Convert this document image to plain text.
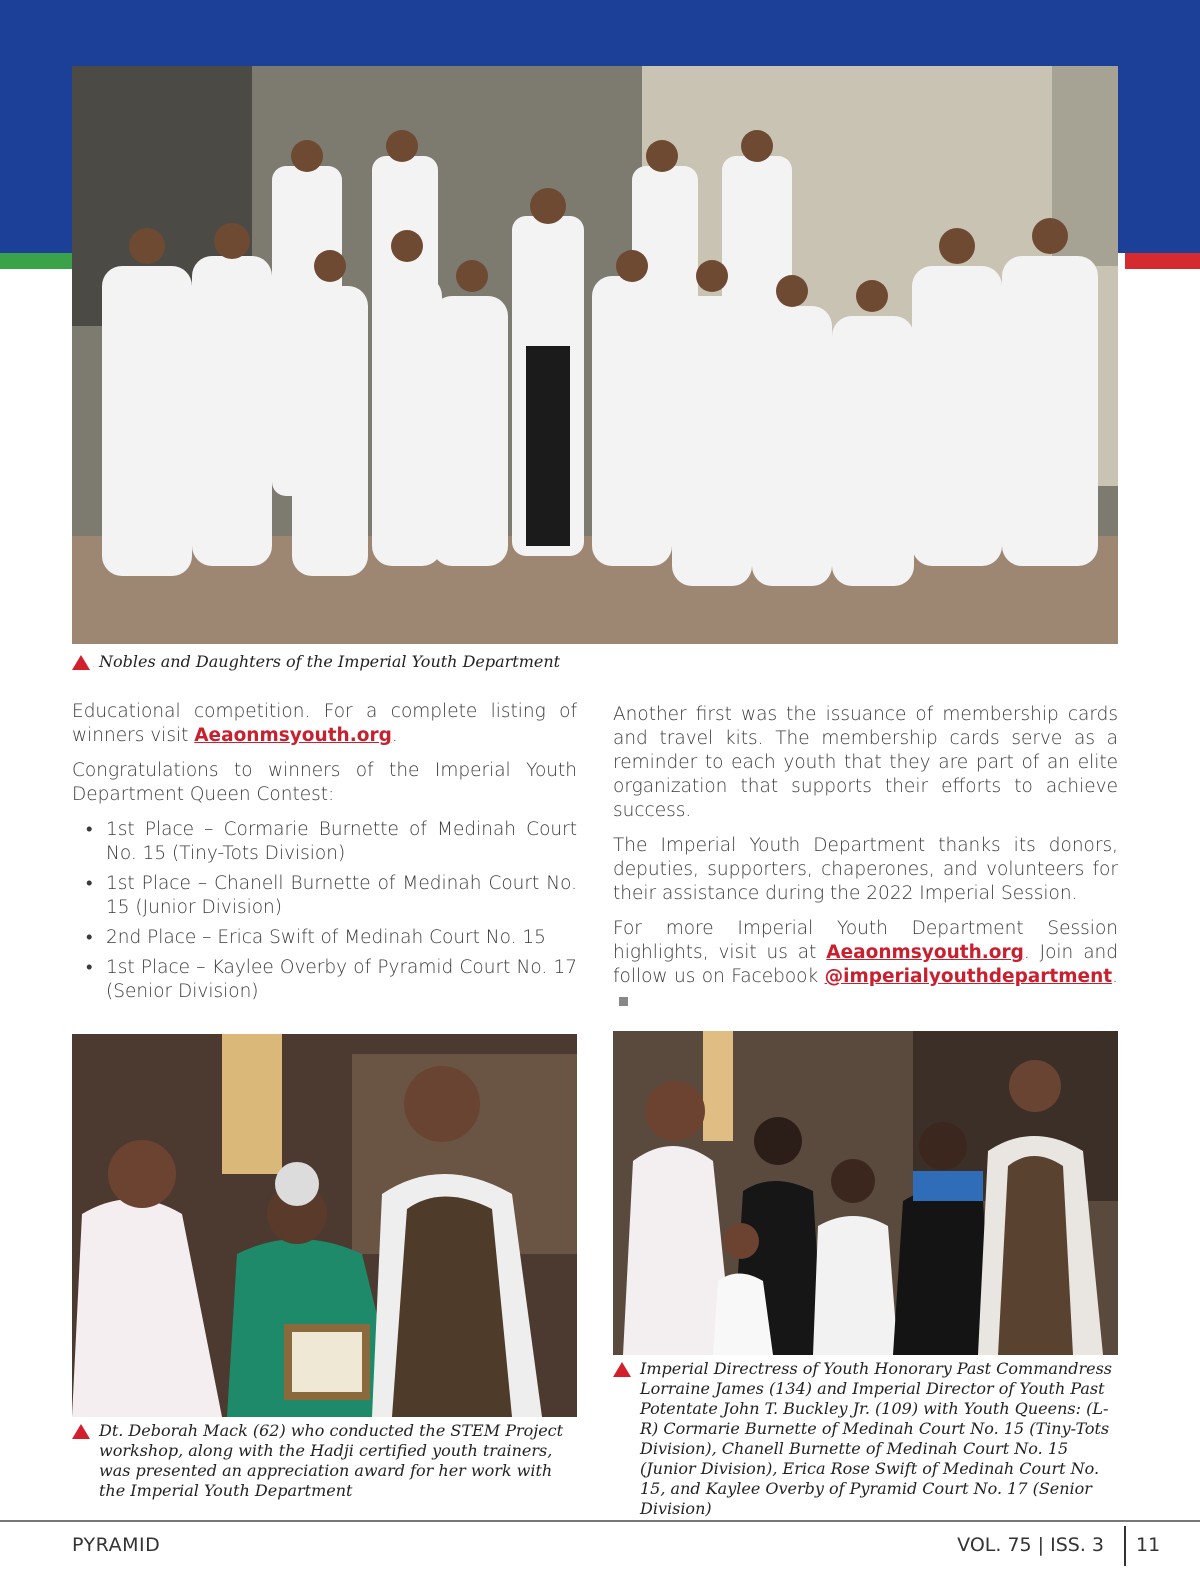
Nobles and Daughters of the Imperial Youth Department

Educational competition. For a complete listing of winners visit Aeaonmsyouth.org.

Congratulations to winners of the Imperial Youth Department Queen Contest:

• 1st Place – Cormarie Burnette of Medinah Court No. 15 (Tiny-Tots Division)
• 1st Place – Chanell Burnette of Medinah Court No. 15 (Junior Division)
• 2nd Place – Erica Swift of Medinah Court No. 15
• 1st Place – Kaylee Overby of Pyramid Court No. 17 (Senior Division)

Another first was the issuance of membership cards and travel kits. The membership cards serve as a reminder to each youth that they are part of an elite organization that supports their efforts to achieve success.

The Imperial Youth Department thanks its donors, deputies, supporters, chaperones, and volunteers for their assistance during the 2022 Imperial Session.

For more Imperial Youth Department Session highlights, visit us at Aeaonmsyouth.org. Join and follow us on Facebook @imperialyouthdepartment.

Dt. Deborah Mack (62) who conducted the STEM Project workshop, along with the Hadji certified youth trainers, was presented an appreciation award for her work with the Imperial Youth Department
Imperial Directress of Youth Honorary Past Commandress Lorraine James (134) and Imperial Director of Youth Past Potentate John T. Buckley Jr. (109) with Youth Queens: (L-R) Cormarie Burnette of Medinah Court No. 15 (Tiny-Tots Division), Chanell Burnette of Medinah Court No. 15 (Junior Division), Erica Rose Swift of Medinah Court No. 15, and Kaylee Overby of Pyramid Court No. 17 (Senior Division)
PYRAMID	VOL. 75 | ISS. 3 11
